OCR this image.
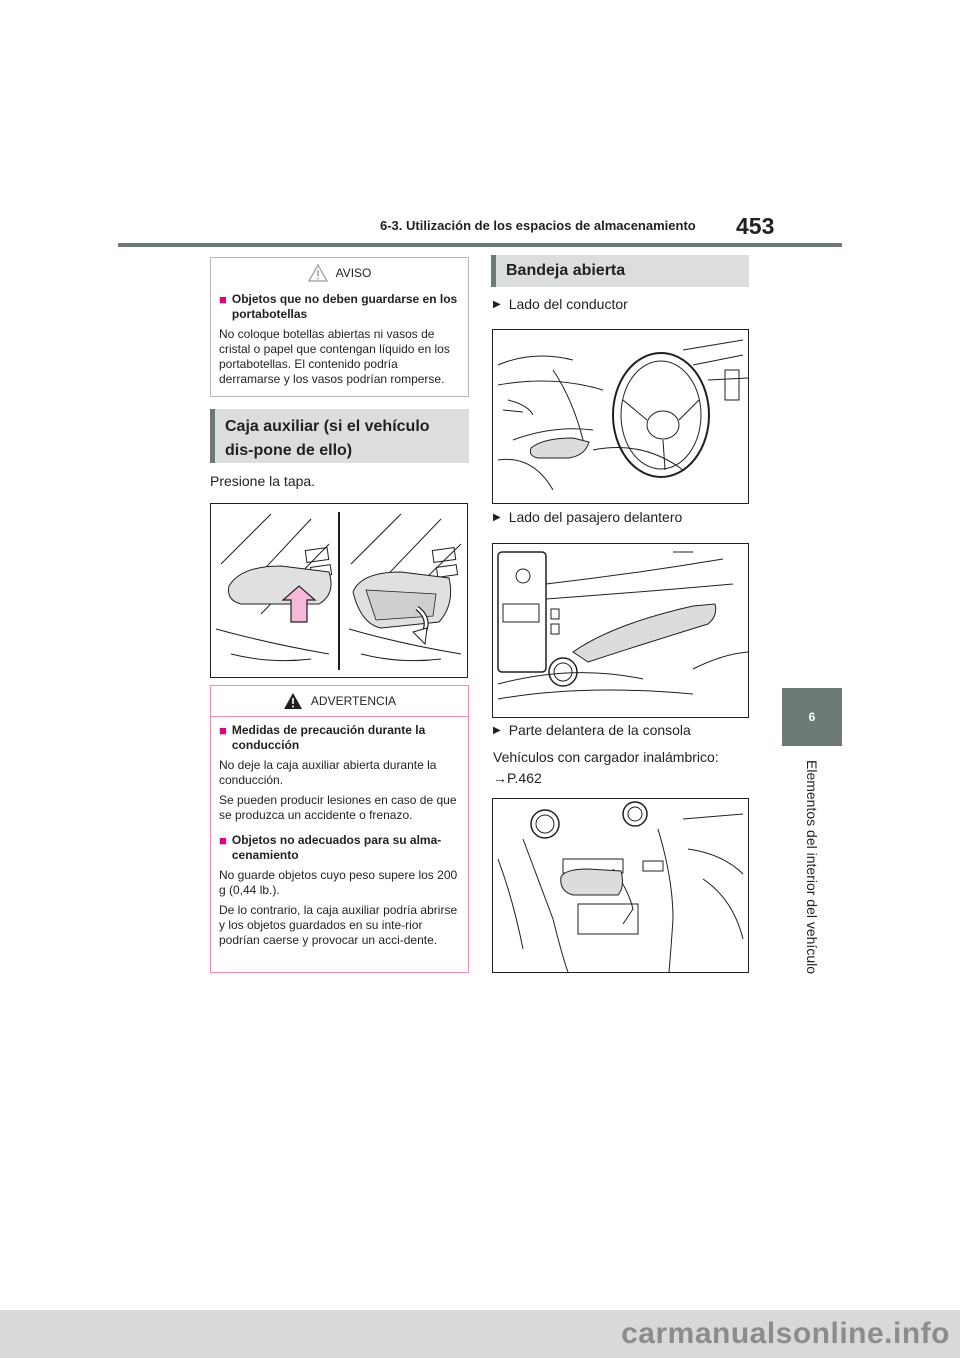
6-3. Utilización de los espacios de almacenamiento 453
6
Elementos del interior del vehículo
AVISO
■ Objetos que no deben guardarse en los portabotellas

No coloque botellas abiertas ni vasos de cristal o papel que contengan líquido en los portabotellas. El contenido podría derramarse y los vasos podrían romperse.

Caja auxiliar (si el vehículo dis-pone de ello)
Presione la tapa.
ADVERTENCIA
■ Medidas de precaución durante la conducción

No deje la caja auxiliar abierta durante la conducción.

Se pueden producir lesiones en caso de que se produzca un accidente o frenazo.

■ Objetos no adecuados para su alma-cenamiento

No guarde objetos cuyo peso supere los 200 g (0,44 lb.).

De lo contrario, la caja auxiliar podría abrirse y los objetos guardados en su inte-rior podrían caerse y provocar un acci-dente.

Bandeja abierta
▶ Lado del conductor
▶ Lado del pasajero delantero
▶ Parte delantera de la consola
Vehículos con cargador inalámbrico:
→P.462
carmanualsonline.info
